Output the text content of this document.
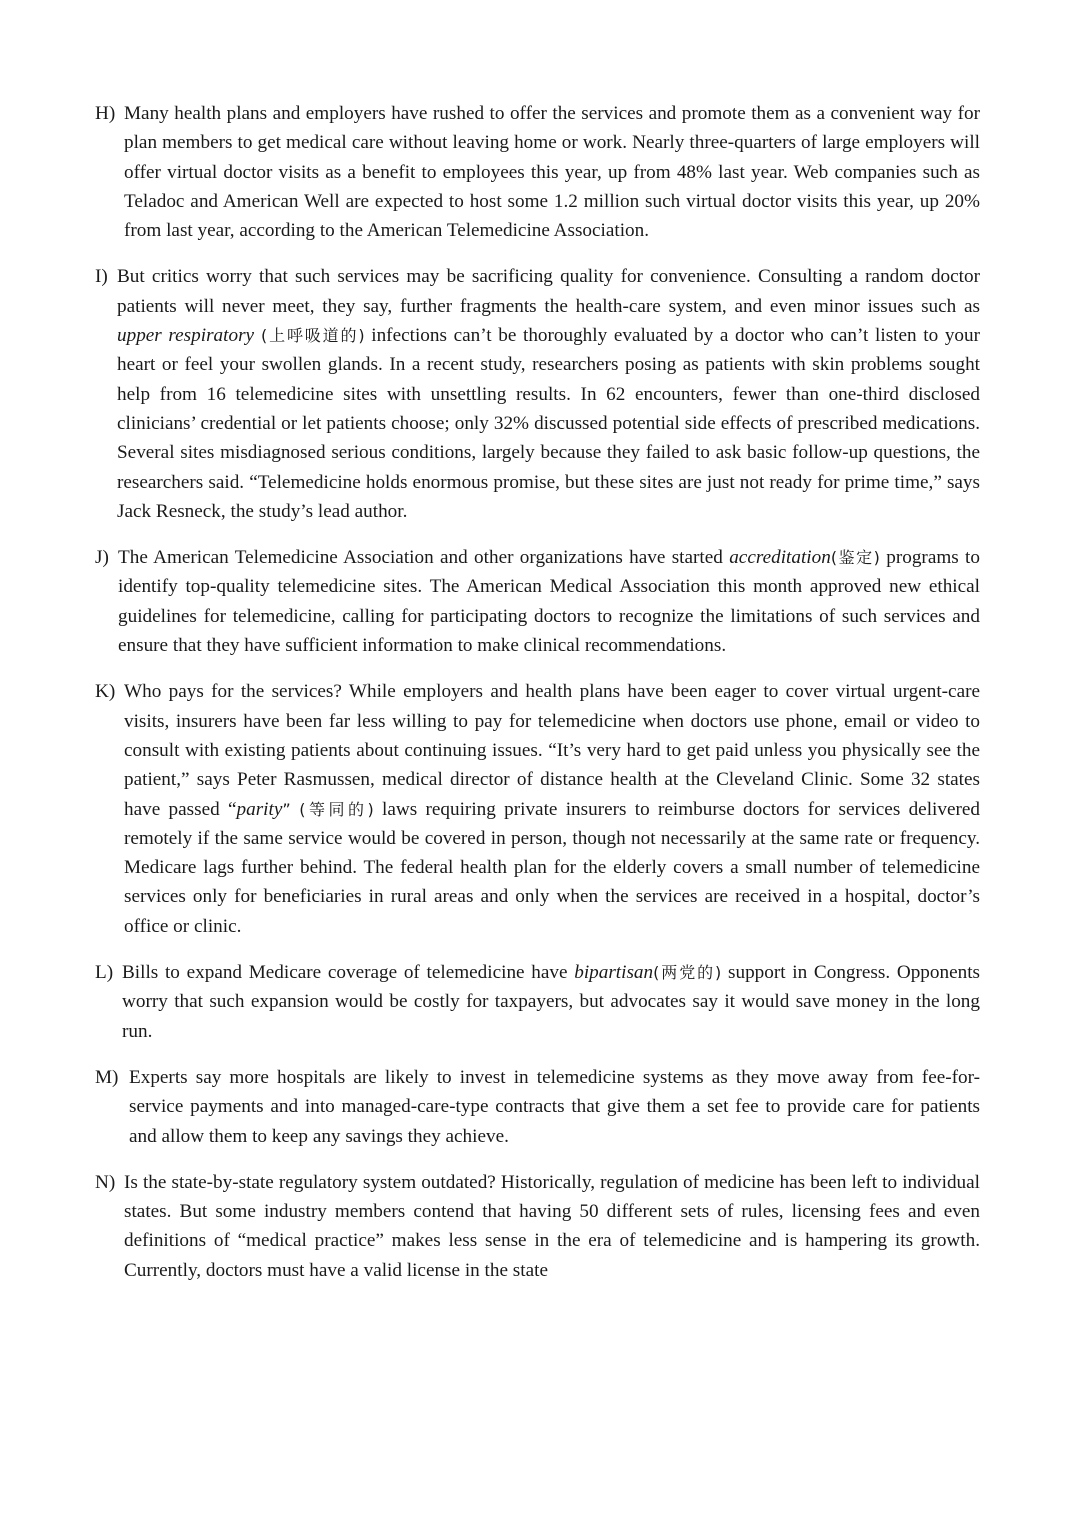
H) Many health plans and employers have rushed to offer the services and promote them as a convenient way for plan members to get medical care without leaving home or work. Nearly three-quarters of large employers will offer virtual doctor visits as a benefit to employees this year, up from 48% last year. Web companies such as Teladoc and American Well are expected to host some 1.2 million such virtual doctor visits this year, up 20% from last year, according to the American Telemedicine Association.
I) But critics worry that such services may be sacrificing quality for convenience. Consulting a random doctor patients will never meet, they say, further fragments the health-care system, and even minor issues such as upper respiratory (上呼吸道的) infections can’t be thoroughly evaluated by a doctor who can’t listen to your heart or feel your swollen glands. In a recent study, researchers posing as patients with skin problems sought help from 16 telemedicine sites with unsettling results. In 62 encounters, fewer than one-third disclosed clinicians’ credential or let patients choose; only 32% discussed potential side effects of prescribed medications. Several sites misdiagnosed serious conditions, largely because they failed to ask basic follow-up questions, the researchers said. “Telemedicine holds enormous promise, but these sites are just not ready for prime time,” says Jack Resneck, the study’s lead author.
J) The American Telemedicine Association and other organizations have started accreditation(鉴定) programs to identify top-quality telemedicine sites. The American Medical Association this month approved new ethical guidelines for telemedicine, calling for participating doctors to recognize the limitations of such services and ensure that they have sufficient information to make clinical recommendations.
K) Who pays for the services? While employers and health plans have been eager to cover virtual urgent-care visits, insurers have been far less willing to pay for telemedicine when doctors use phone, email or video to consult with existing patients about continuing issues. “It’s very hard to get paid unless you physically see the patient,” says Peter Rasmussen, medical director of distance health at the Cleveland Clinic. Some 32 states have passed “parity” (等同的) laws requiring private insurers to reimburse doctors for services delivered remotely if the same service would be covered in person, though not necessarily at the same rate or frequency. Medicare lags further behind. The federal health plan for the elderly covers a small number of telemedicine services only for beneficiaries in rural areas and only when the services are received in a hospital, doctor’s office or clinic.
L) Bills to expand Medicare coverage of telemedicine have bipartisan(两党的) support in Congress. Opponents worry that such expansion would be costly for taxpayers, but advocates say it would save money in the long run.
M) Experts say more hospitals are likely to invest in telemedicine systems as they move away from fee-for-service payments and into managed-care-type contracts that give them a set fee to provide care for patients and allow them to keep any savings they achieve.
N) Is the state-by-state regulatory system outdated? Historically, regulation of medicine has been left to individual states. But some industry members contend that having 50 different sets of rules, licensing fees and even definitions of “medical practice” makes less sense in the era of telemedicine and is hampering its growth. Currently, doctors must have a valid license in the state
